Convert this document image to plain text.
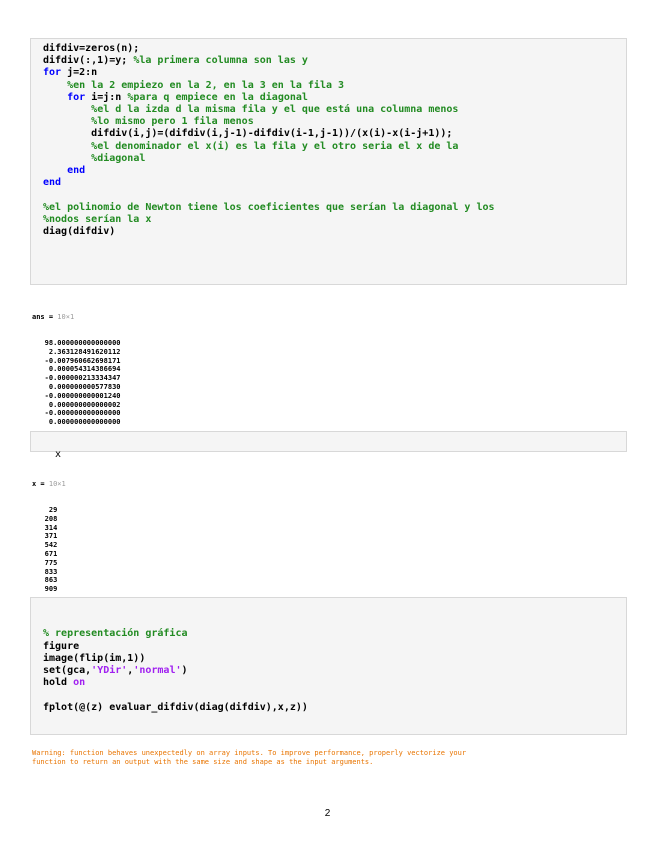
difdiv=zeros(n);
difdiv(:,1)=y; %la primera columna son las y
for j=2:n
%en la 2 empiezo en la 2, en la 3 en la fila 3
for i=j:n %para q empiece en la diagonal
%el d la izda d la misma fila y el que está una columna menos
%lo mismo pero 1 fila menos
difdiv(i,j)=(difdiv(i,j-1)-difdiv(i-1,j-1))/(x(i)-x(i-j+1));
%el denominador el x(i) es la fila y el otro seria el x de la
%diagonal
end
end
%el polinomio de Newton tiene los coeficientes que serían la diagonal y los
%nodos serían la x
diag(difdiv)

ans = 10×1

98.000000000000000
2.363128491620112
-0.007960662698171
0.000054314386694
-0.000000213334347
0.000000000577830
-0.000000000001240
0.000000000000002
-0.000000000000000
0.000000000000000

x

x = 10×1

29
208
314
371
542
671
775
833
863
909

% representación gráfica
figure
image(flip(im,1))
set(gca,'YDir','normal')
hold on
fplot(@(z) evaluar_difdiv(diag(difdiv),x,z))
Warning: function behaves unexpectedly on array inputs. To improve performance, properly vectorize your
function to return an output with the same size and shape as the input arguments.
2
